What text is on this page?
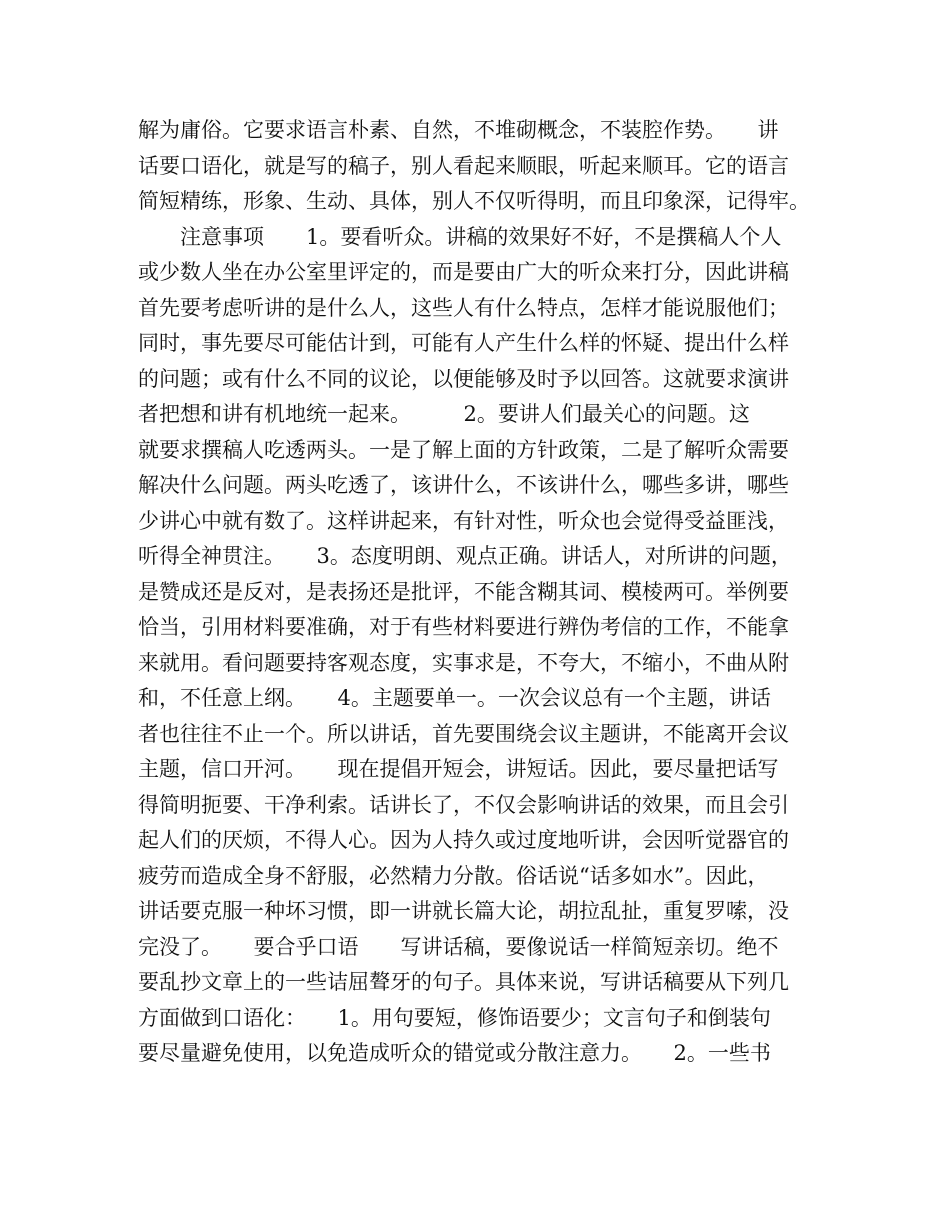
解为庸俗。它要求语言朴素、自然，不堆砌概念，不装腔作势。　　讲
话要口语化，就是写的稿子，别人看起来顺眼，听起来顺耳。它的语言
简短精练，形象、生动、具体，别人不仅听得明，而且印象深，记得牢。
　　注意事项　　1。要看听众。讲稿的效果好不好，不是撰稿人个人
或少数人坐在办公室里评定的，而是要由广大的听众来打分，因此讲稿
首先要考虑听讲的是什么人，这些人有什么特点，怎样才能说服他们；
同时，事先要尽可能估计到，可能有人产生什么样的怀疑、提出什么样
的问题；或有什么不同的议论，以便能够及时予以回答。这就要求演讲
者把想和讲有机地统一起来。　　　2。要讲人们最关心的问题。这
就要求撰稿人吃透两头。一是了解上面的方针政策，二是了解听众需要
解决什么问题。两头吃透了，该讲什么，不该讲什么，哪些多讲，哪些
少讲心中就有数了。这样讲起来，有针对性，听众也会觉得受益匪浅，
听得全神贯注。　　3。态度明朗、观点正确。讲话人，对所讲的问题，
是赞成还是反对，是表扬还是批评，不能含糊其词、模棱两可。举例要
恰当，引用材料要准确，对于有些材料要进行辨伪考信的工作，不能拿
来就用。看问题要持客观态度，实事求是，不夸大，不缩小，不曲从附
和，不任意上纲。　　4。主题要单一。一次会议总有一个主题，讲话
者也往往不止一个。所以讲话，首先要围绕会议主题讲，不能离开会议
主题，信口开河。　　现在提倡开短会，讲短话。因此，要尽量把话写
得简明扼要、干净利索。话讲长了，不仅会影响讲话的效果，而且会引
起人们的厌烦，不得人心。因为人持久或过度地听讲，会因听觉器官的
疲劳而造成全身不舒服，必然精力分散。俗话说“话多如水”。因此，
讲话要克服一种坏习惯，即一讲就长篇大论，胡拉乱扯，重复罗嗦，没
完没了。　　要合乎口语　　写讲话稿，要像说话一样简短亲切。绝不
要乱抄文章上的一些诘屈聱牙的句子。具体来说，写讲话稿要从下列几
方面做到口语化：　　1。用句要短，修饰语要少；文言句子和倒装句
要尽量避免使用，以免造成听众的错觉或分散注意力。　　2。一些书
